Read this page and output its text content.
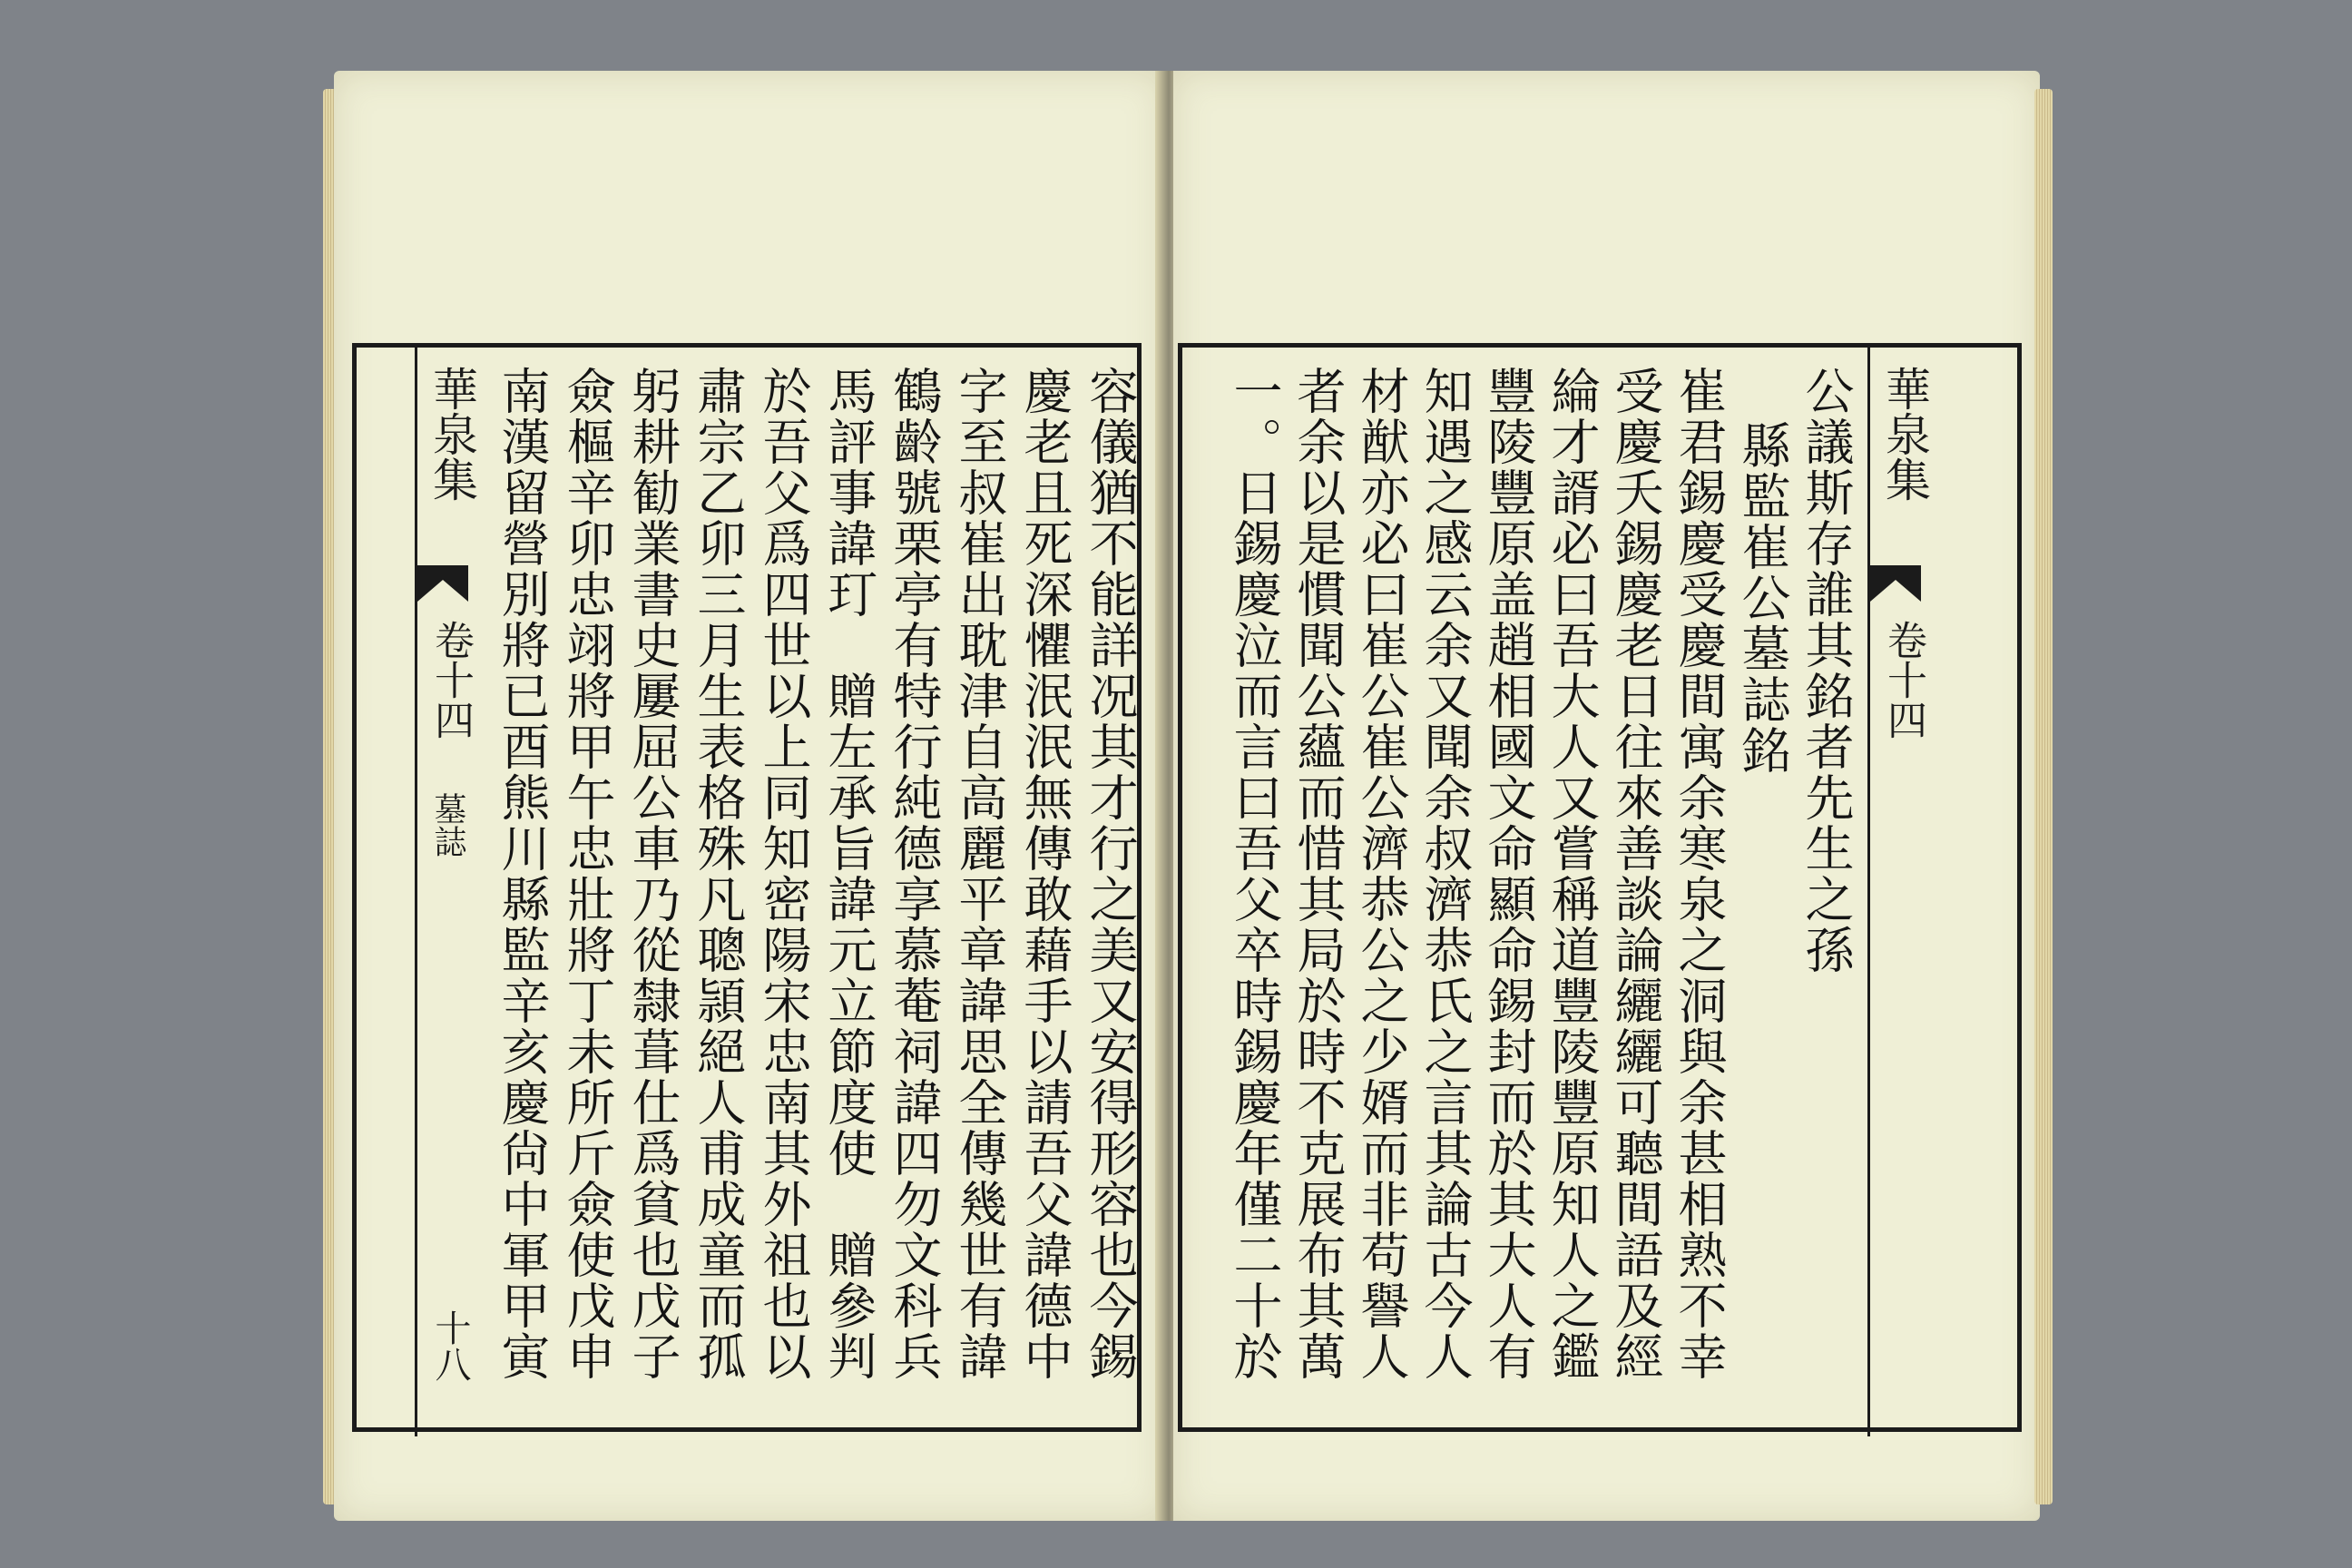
容儀猶不能詳况其才行之美又安得形容也今錫
慶老且死深懼泯泯無傳敢藉手以請吾父諱德中
字至叔崔出耽津自高麗平章諱思全傳幾世有諱
鶴齡號栗亭有特行純德享慕菴祠諱四勿文科兵
馬評事諱玎　贈左承旨諱元立節度使　贈參判
於吾父爲四世以上同知密陽宋忠南其外祖也以
肅宗乙卯三月生表格殊凡聰頴絕人甫成童而孤
躬耕勧業書史屢屈公車乃從隸葺仕爲貧也戊子
僉樞辛卯忠翊將甲午忠壯將丁未所斤僉使戊申
南漢留營別將已酉熊川縣監辛亥慶尙中軍甲寅
華泉集
卷十四
墓誌
十八
公議斯存誰其銘者先生之孫
縣監崔公墓誌銘
崔君錫慶受慶間寓余寒泉之洞與余甚相熟不幸
受慶夭錫慶老日往來善談論纚纚可聽間語及經
綸才諝必曰吾大人又嘗稱道豐陵豐原知人之鑑
豐陵豐原盖趙相國文命顯命錫封而於其大人有
知遇之感云余又聞余叔濟恭氏之言其論古今人
材猷亦必曰崔公崔公濟恭公之少婿而非苟譽人
者余以是慣聞公蘊而惜其局於時不克展布其萬
一。日錫慶泣而言曰吾父卒時錫慶年僅二十於	華泉集
卷十四
